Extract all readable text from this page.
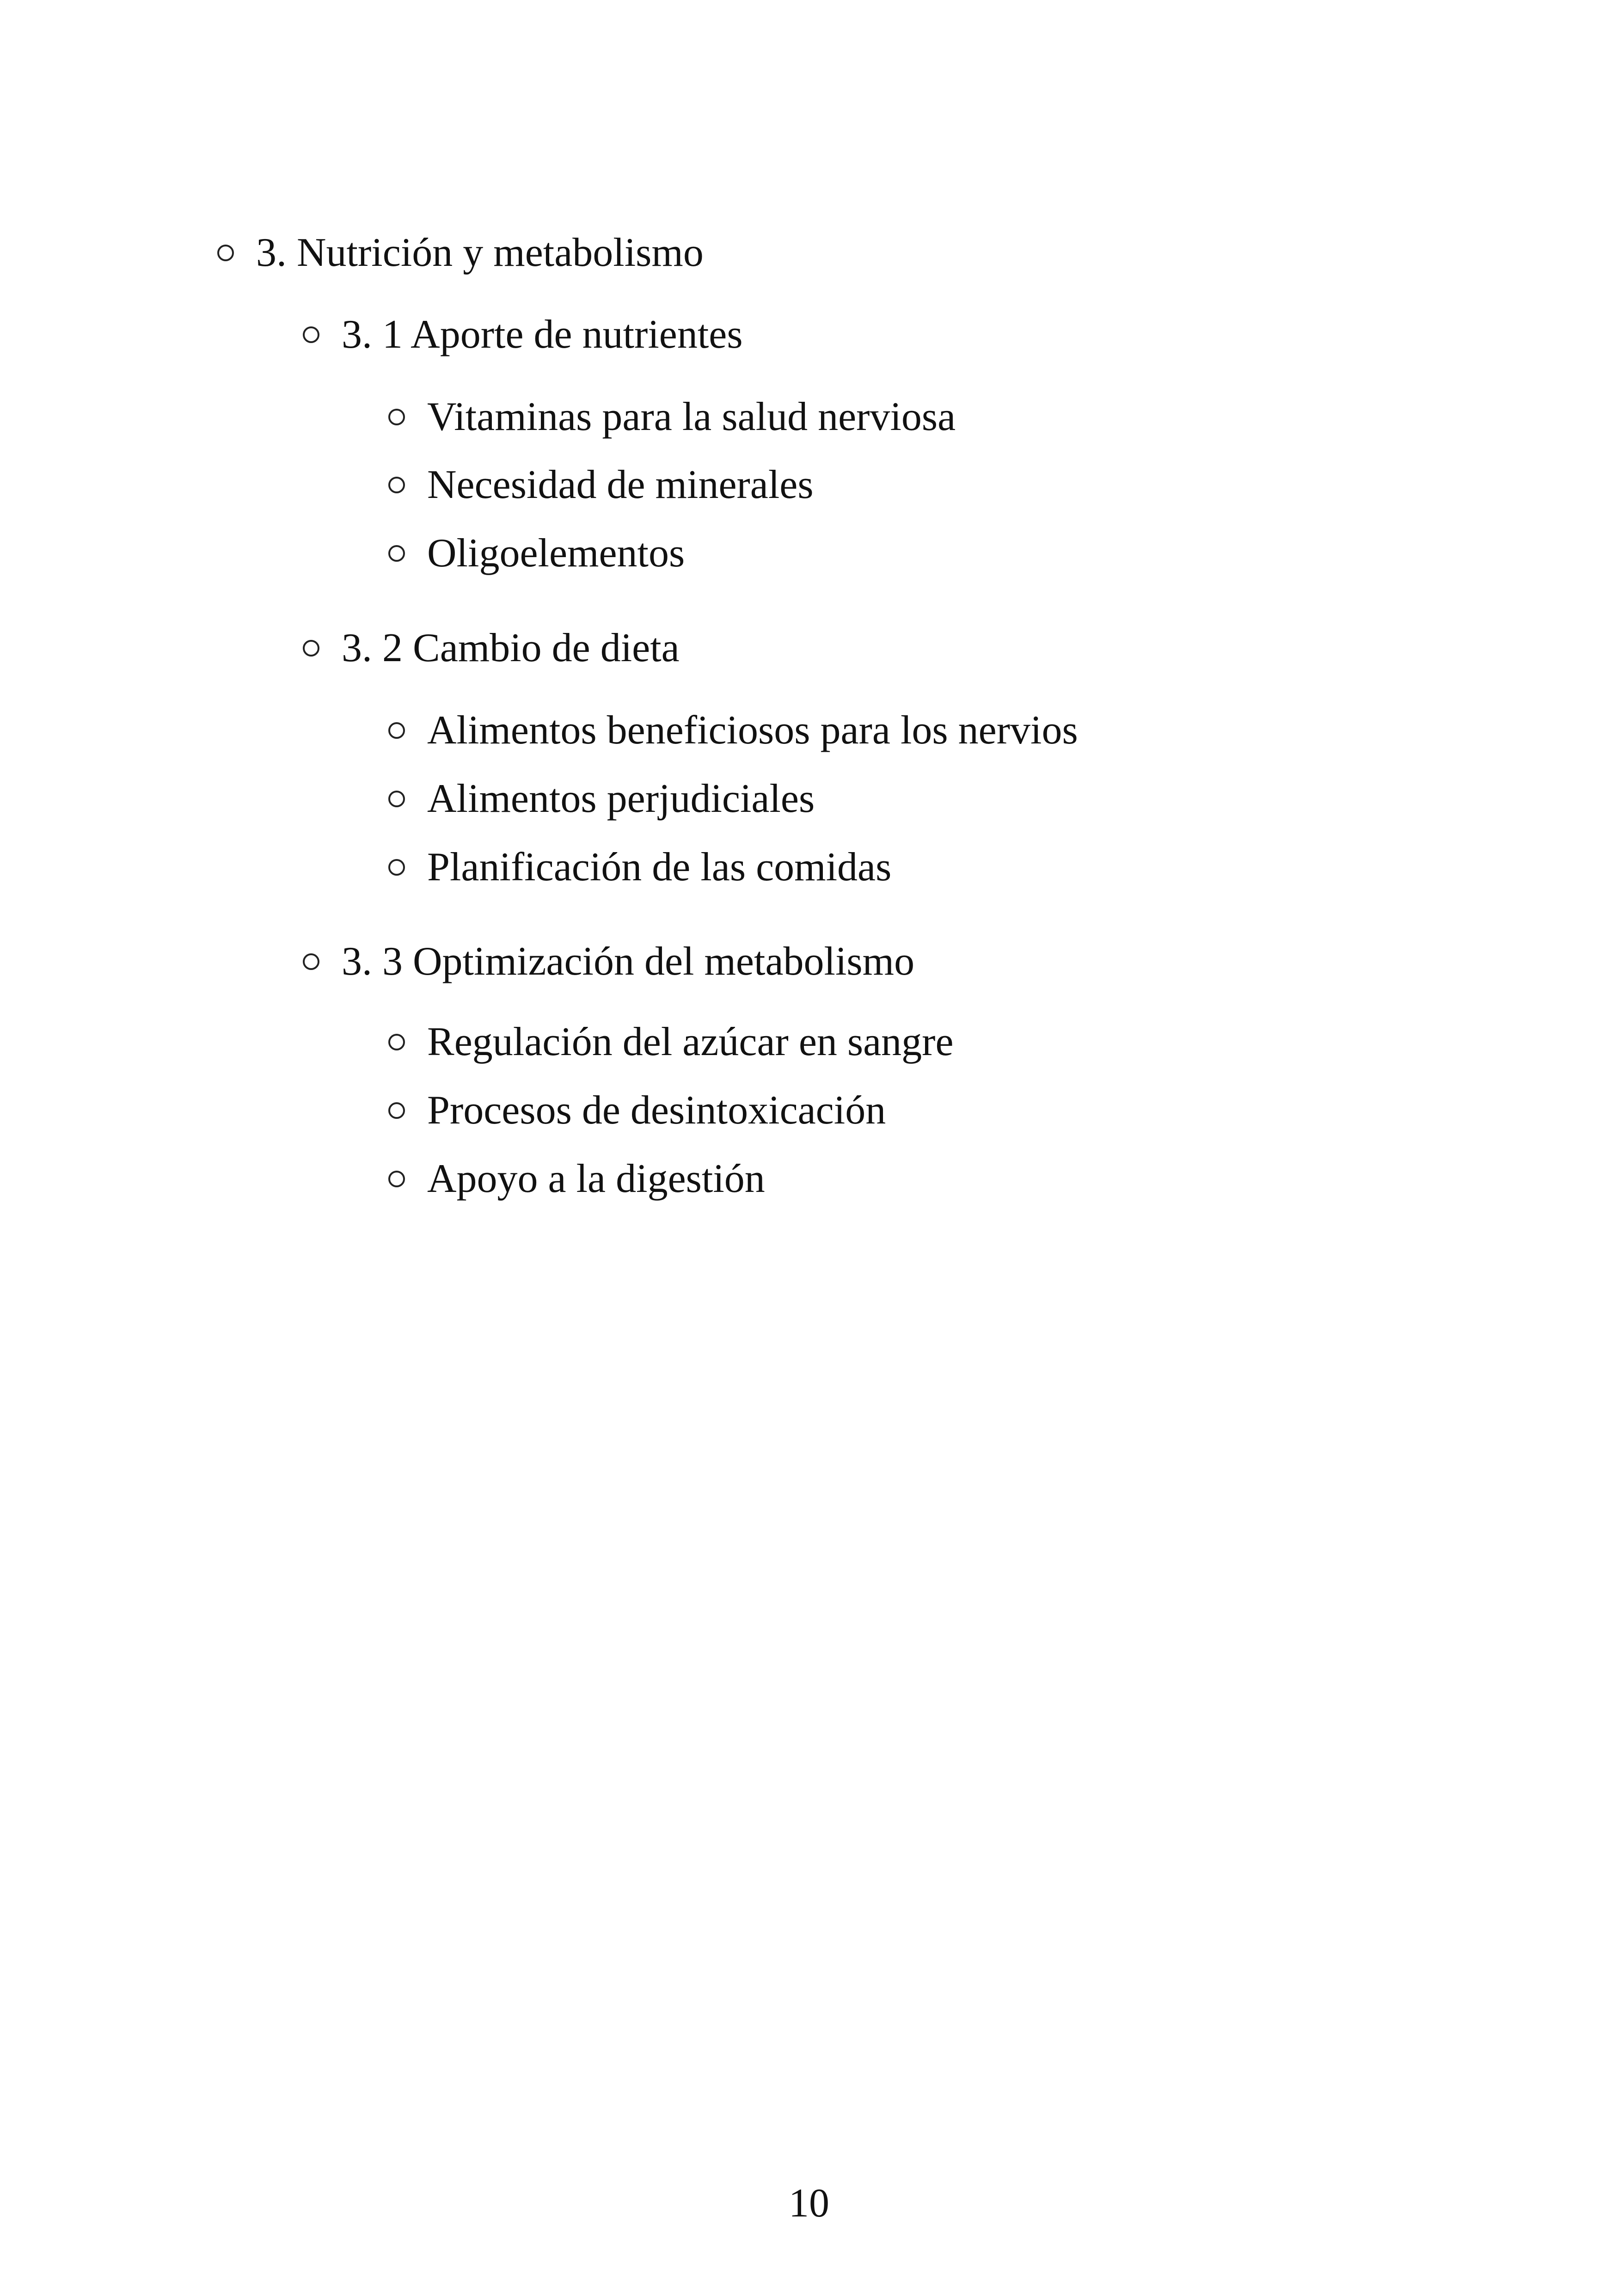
3. Nutrición y metabolismo
3. 1 Aporte de nutrientes
Vitaminas para la salud nerviosa
Necesidad de minerales
Oligoelementos
3. 2 Cambio de dieta
Alimentos beneficiosos para los nervios
Alimentos perjudiciales
Planificación de las comidas
3. 3 Optimización del metabolismo
Regulación del azúcar en sangre
Procesos de desintoxicación
Apoyo a la digestión
10
